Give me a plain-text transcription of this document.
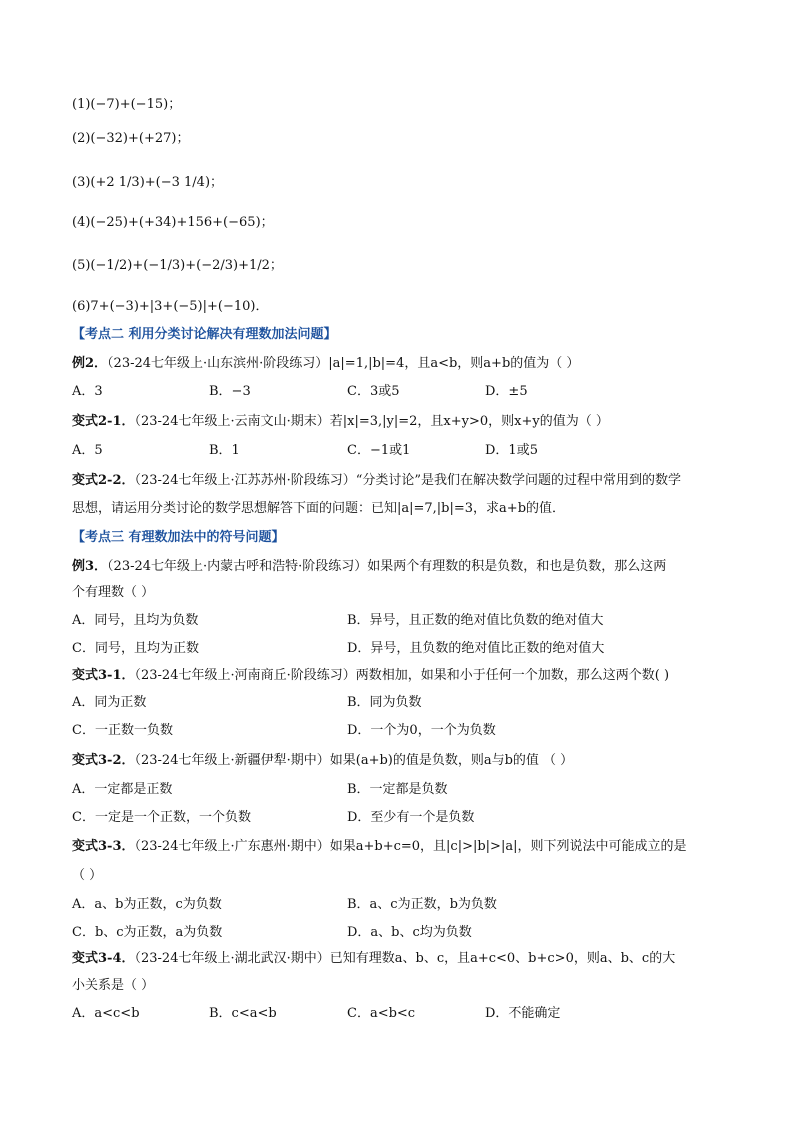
(1)(−7)+(−15)；
(2)(−32)+(+27)；
(3)(+2 1/3)+(−3 1/4)；
(4)(−25)+(+34)+156+(−65)；
(5)(−1/2)+(−1/3)+(−2/3)+1/2；
(6)7+(−3)+|3+(−5)|+(−10)．
【考点二 利用分类讨论解决有理数加法问题】
例2．（23-24七年级上·山东滨州·阶段练习）|a|=1,|b|=4，且a<b，则a+b的值为（ ）
A．3	B．−3	C．3或5	D．±5
变式2-1．（23-24七年级上·云南文山·期末）若|x|=3,|y|=2，且x+y>0，则x+y的值为（ ）
A．5	B．1	C．−1或1	D．1或5
变式2-2．（23-24七年级上·江苏苏州·阶段练习）“分类讨论”是我们在解决数学问题的过程中常用到的数学
思想，请运用分类讨论的数学思想解答下面的问题：已知|a|=7,|b|=3，求a+b的值．
【考点三 有理数加法中的符号问题】
例3．（23-24七年级上·内蒙古呼和浩特·阶段练习）如果两个有理数的积是负数，和也是负数，那么这两
个有理数（ ）
A．同号，且均为负数	B．异号，且正数的绝对值比负数的绝对值大
C．同号，且均为正数	D．异号，且负数的绝对值比正数的绝对值大
变式3-1．（23-24七年级上·河南商丘·阶段练习）两数相加，如果和小于任何一个加数，那么这两个数( )
A．同为正数	B．同为负数
C．一正数一负数	D．一个为0，一个为负数
变式3-2．（23-24七年级上·新疆伊犁·期中）如果(a+b)的值是负数，则a与b的值 （ ）
A．一定都是正数	B．一定都是负数
C．一定是一个正数，一个负数	D．至少有一个是负数
变式3-3．（23-24七年级上·广东惠州·期中）如果a+b+c=0，且|c|>|b|>|a|，则下列说法中可能成立的是
（ ）
A．a、b为正数，c为负数	B．a、c为正数，b为负数
C．b、c为正数，a为负数	D．a、b、c均为负数
变式3-4．（23-24七年级上·湖北武汉·期中）已知有理数a、b、c，且a+c<0、b+c>0，则a、b、c的大
小关系是（ ）
A．a<c<b	B．c<a<b	C．a<b<c	D．不能确定
